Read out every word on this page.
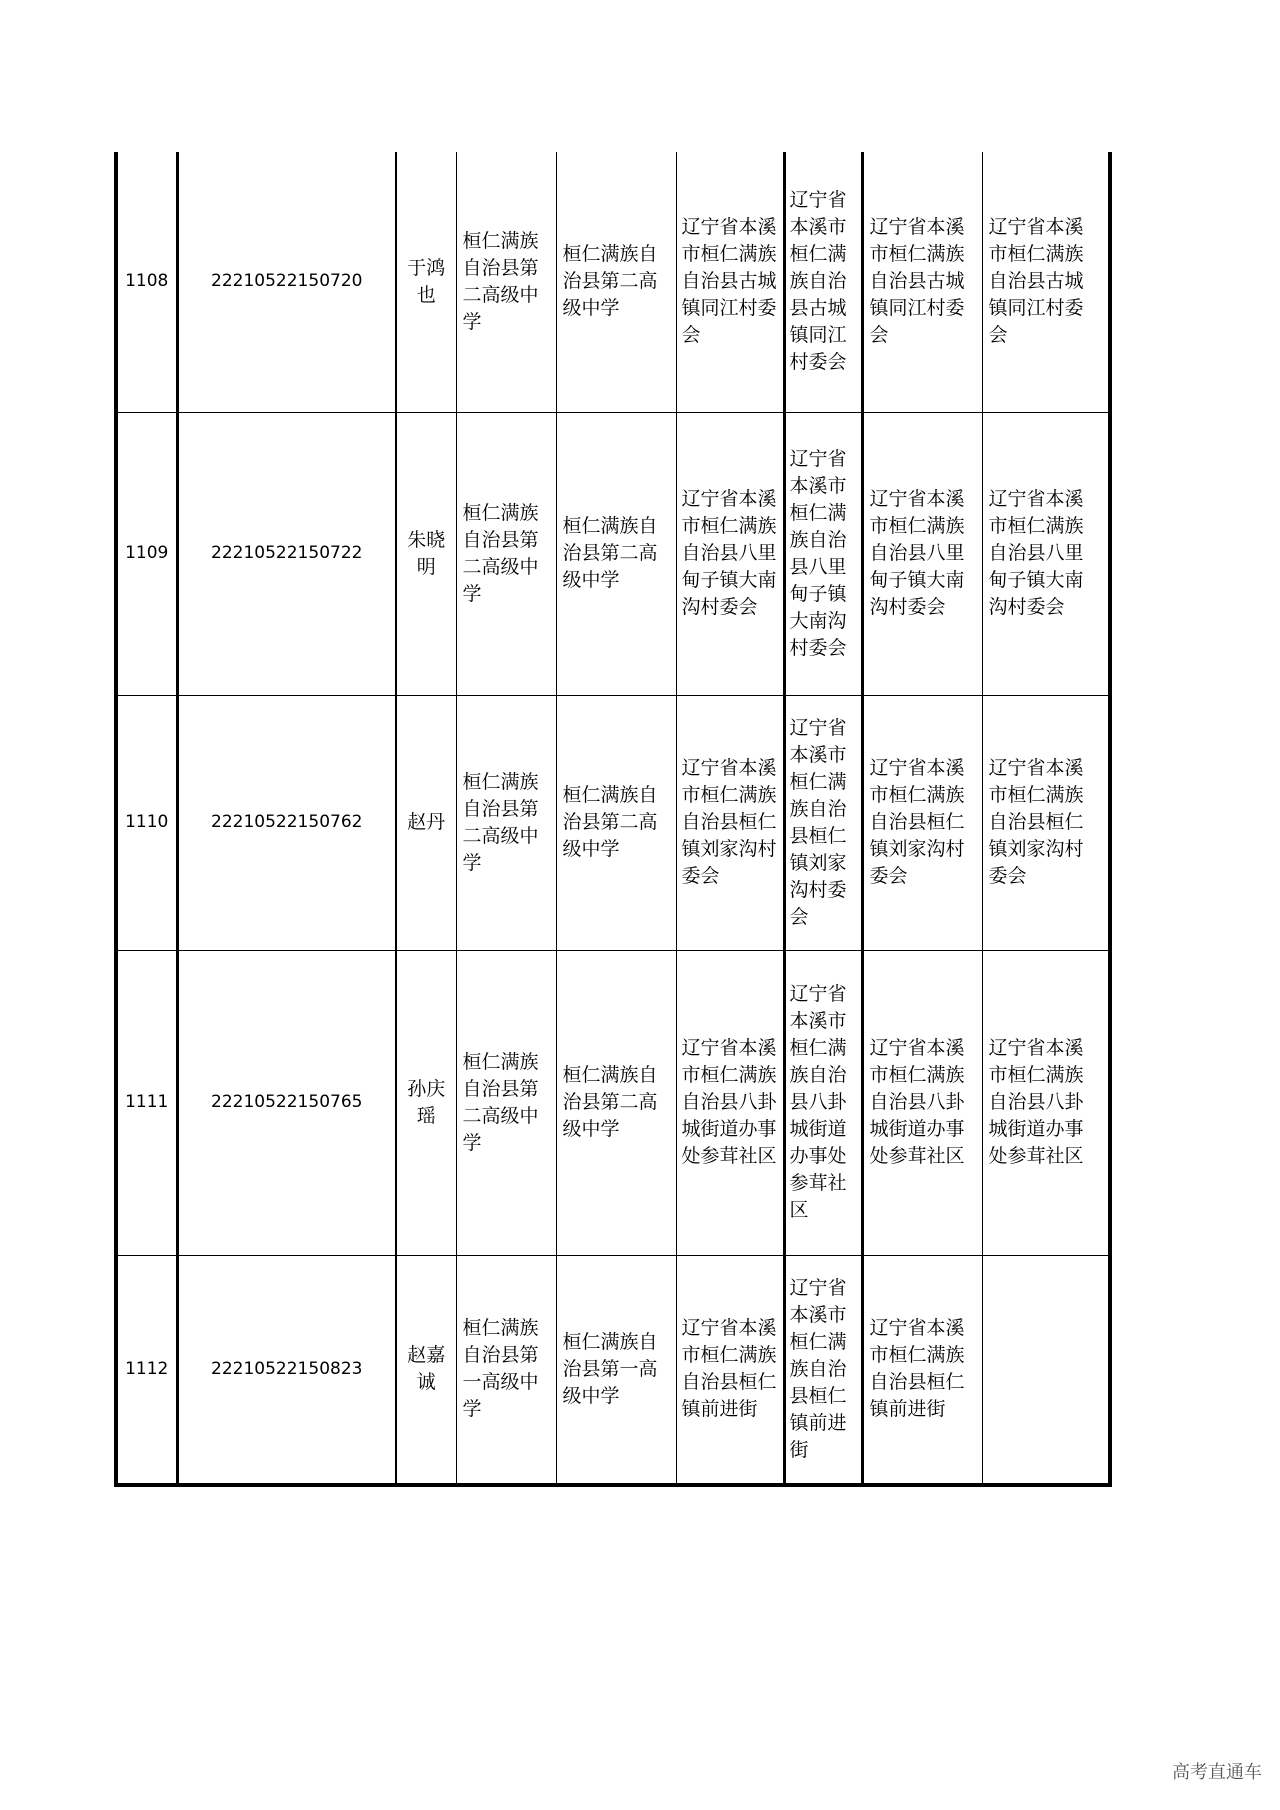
1108	22210522150720	于鸿也	桓仁满族自治县第二高级中学	桓仁满族自治县第二高级中学	辽宁省本溪市桓仁满族自治县古城镇同江村委会	辽宁省本溪市桓仁满族自治县古城镇同江村委会	辽宁省本溪市桓仁满族自治县古城镇同江村委会	辽宁省本溪市桓仁满族自治县古城镇同江村委会
1109	22210522150722	朱晓明	桓仁满族自治县第二高级中学	桓仁满族自治县第二高级中学	辽宁省本溪市桓仁满族自治县八里甸子镇大南沟村委会	辽宁省本溪市桓仁满族自治县八里甸子镇大南沟村委会	辽宁省本溪市桓仁满族自治县八里甸子镇大南沟村委会	辽宁省本溪市桓仁满族自治县八里甸子镇大南沟村委会
1110	22210522150762	赵丹	桓仁满族自治县第二高级中学	桓仁满族自治县第二高级中学	辽宁省本溪市桓仁满族自治县桓仁镇刘家沟村委会	辽宁省本溪市桓仁满族自治县桓仁镇刘家沟村委会	辽宁省本溪市桓仁满族自治县桓仁镇刘家沟村委会	辽宁省本溪市桓仁满族自治县桓仁镇刘家沟村委会
1111	22210522150765	孙庆瑶	桓仁满族自治县第二高级中学	桓仁满族自治县第二高级中学	辽宁省本溪市桓仁满族自治县八卦城街道办事处参茸社区	辽宁省本溪市桓仁满族自治县八卦城街道办事处参茸社区	辽宁省本溪市桓仁满族自治县八卦城街道办事处参茸社区	辽宁省本溪市桓仁满族自治县八卦城街道办事处参茸社区
1112	22210522150823	赵嘉诚	桓仁满族自治县第一高级中学	桓仁满族自治县第一高级中学	辽宁省本溪市桓仁满族自治县桓仁镇前进街	辽宁省本溪市桓仁满族自治县桓仁镇前进街	辽宁省本溪市桓仁满族自治县桓仁镇前进街	
高考直通车
